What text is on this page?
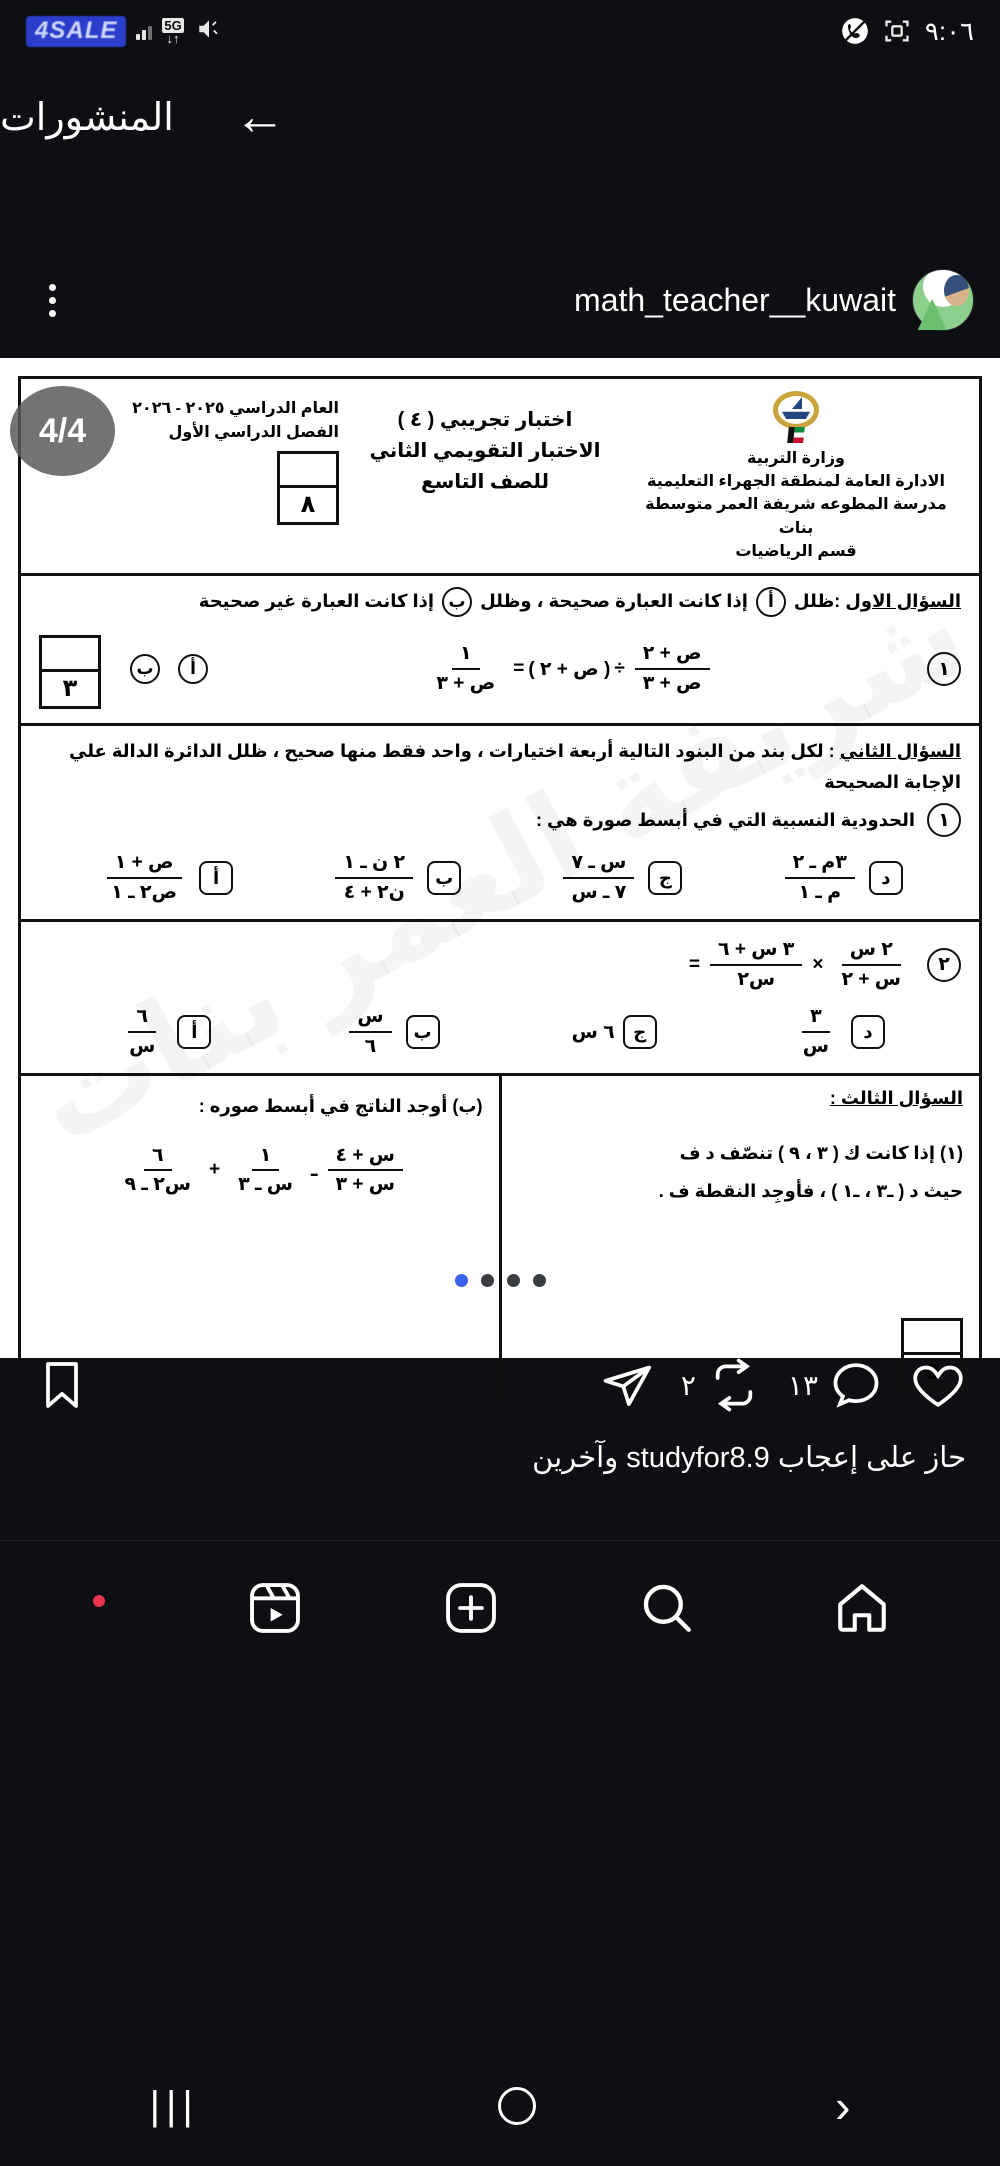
4SALE	5G
↓↑	٩:٠٦
→
المنشورات
math_teacher__kuwait
وزارة التربية
الادارة العامة لمنطقة الجهراء التعليمية
مدرسة المطوعه شريفة العمر متوسطة بنات
قسم الرياضيات
اختبار تجريبي ( ٤ )
الاختبار التقويمي الثاني
للصف التاسع
العام الدراسي ٢٠٢٥ - ٢٠٢٦
الفصل الدراسي الأول
٨
السؤال الاول :ظلل أ إذا كانت العبارة صحيحة ، وظلل ب إذا كانت العبارة غير صحيحة
١
$\frac{\text{ص + ٢}}{\text{ص + ٣}}$
÷
( ص + ٢ )
=
$\frac{١}{\text{ص + ٣}}$
أ
ب
٣
السؤال الثاني : لكل بند من البنود التالية أربعة اختيارات ، واحد فقط منها صحيح ، ظلل الدائرة الدالة علي الإجابة الصحيحة
١
الحدودية النسبية التي في أبسط صورة هي :
د
$\frac{\text{٣م ـ ٢}}{\text{م ـ ١}}$
ج
$\frac{\text{س ـ ٧}}{\text{٧ ـ س}}$
ب
$\frac{\text{٢ ن ـ ١}}{\text{ن٢ + ٤}}$
أ
$\frac{\text{ص + ١}}{\text{ص٢ ـ ١}}$
٢
$\frac{\text{٢ س}}{\text{س + ٢}}$
×
$\frac{\text{٣ س + ٦}}{\text{س٢}}$
=
د
$\frac{٣}{\text{س}}$
ج
٦ س
ب
$\frac{\text{س}}{٦}$
أ
$\frac{٦}{\text{س}}$
السؤال الثالث :
(١) إذا كانت ك ( ٣ ، ٩ ) تنصّف د ف
حيث د ( ـ٣ ، ـ١ ) ، فأوجِد النقطة ف .
(ب) أوجد الناتج في أبسط صوره :
$\frac{\text{س + ٤}}{\text{س + ٣}}$
ـ
$\frac{١}{\text{س ـ ٣}}$
+
$\frac{٦}{\text{س٢ ـ ٩}}$
٥
4/4
١٣
٢
حاز على إعجاب studyfor8.9 وآخرين
|||	›
